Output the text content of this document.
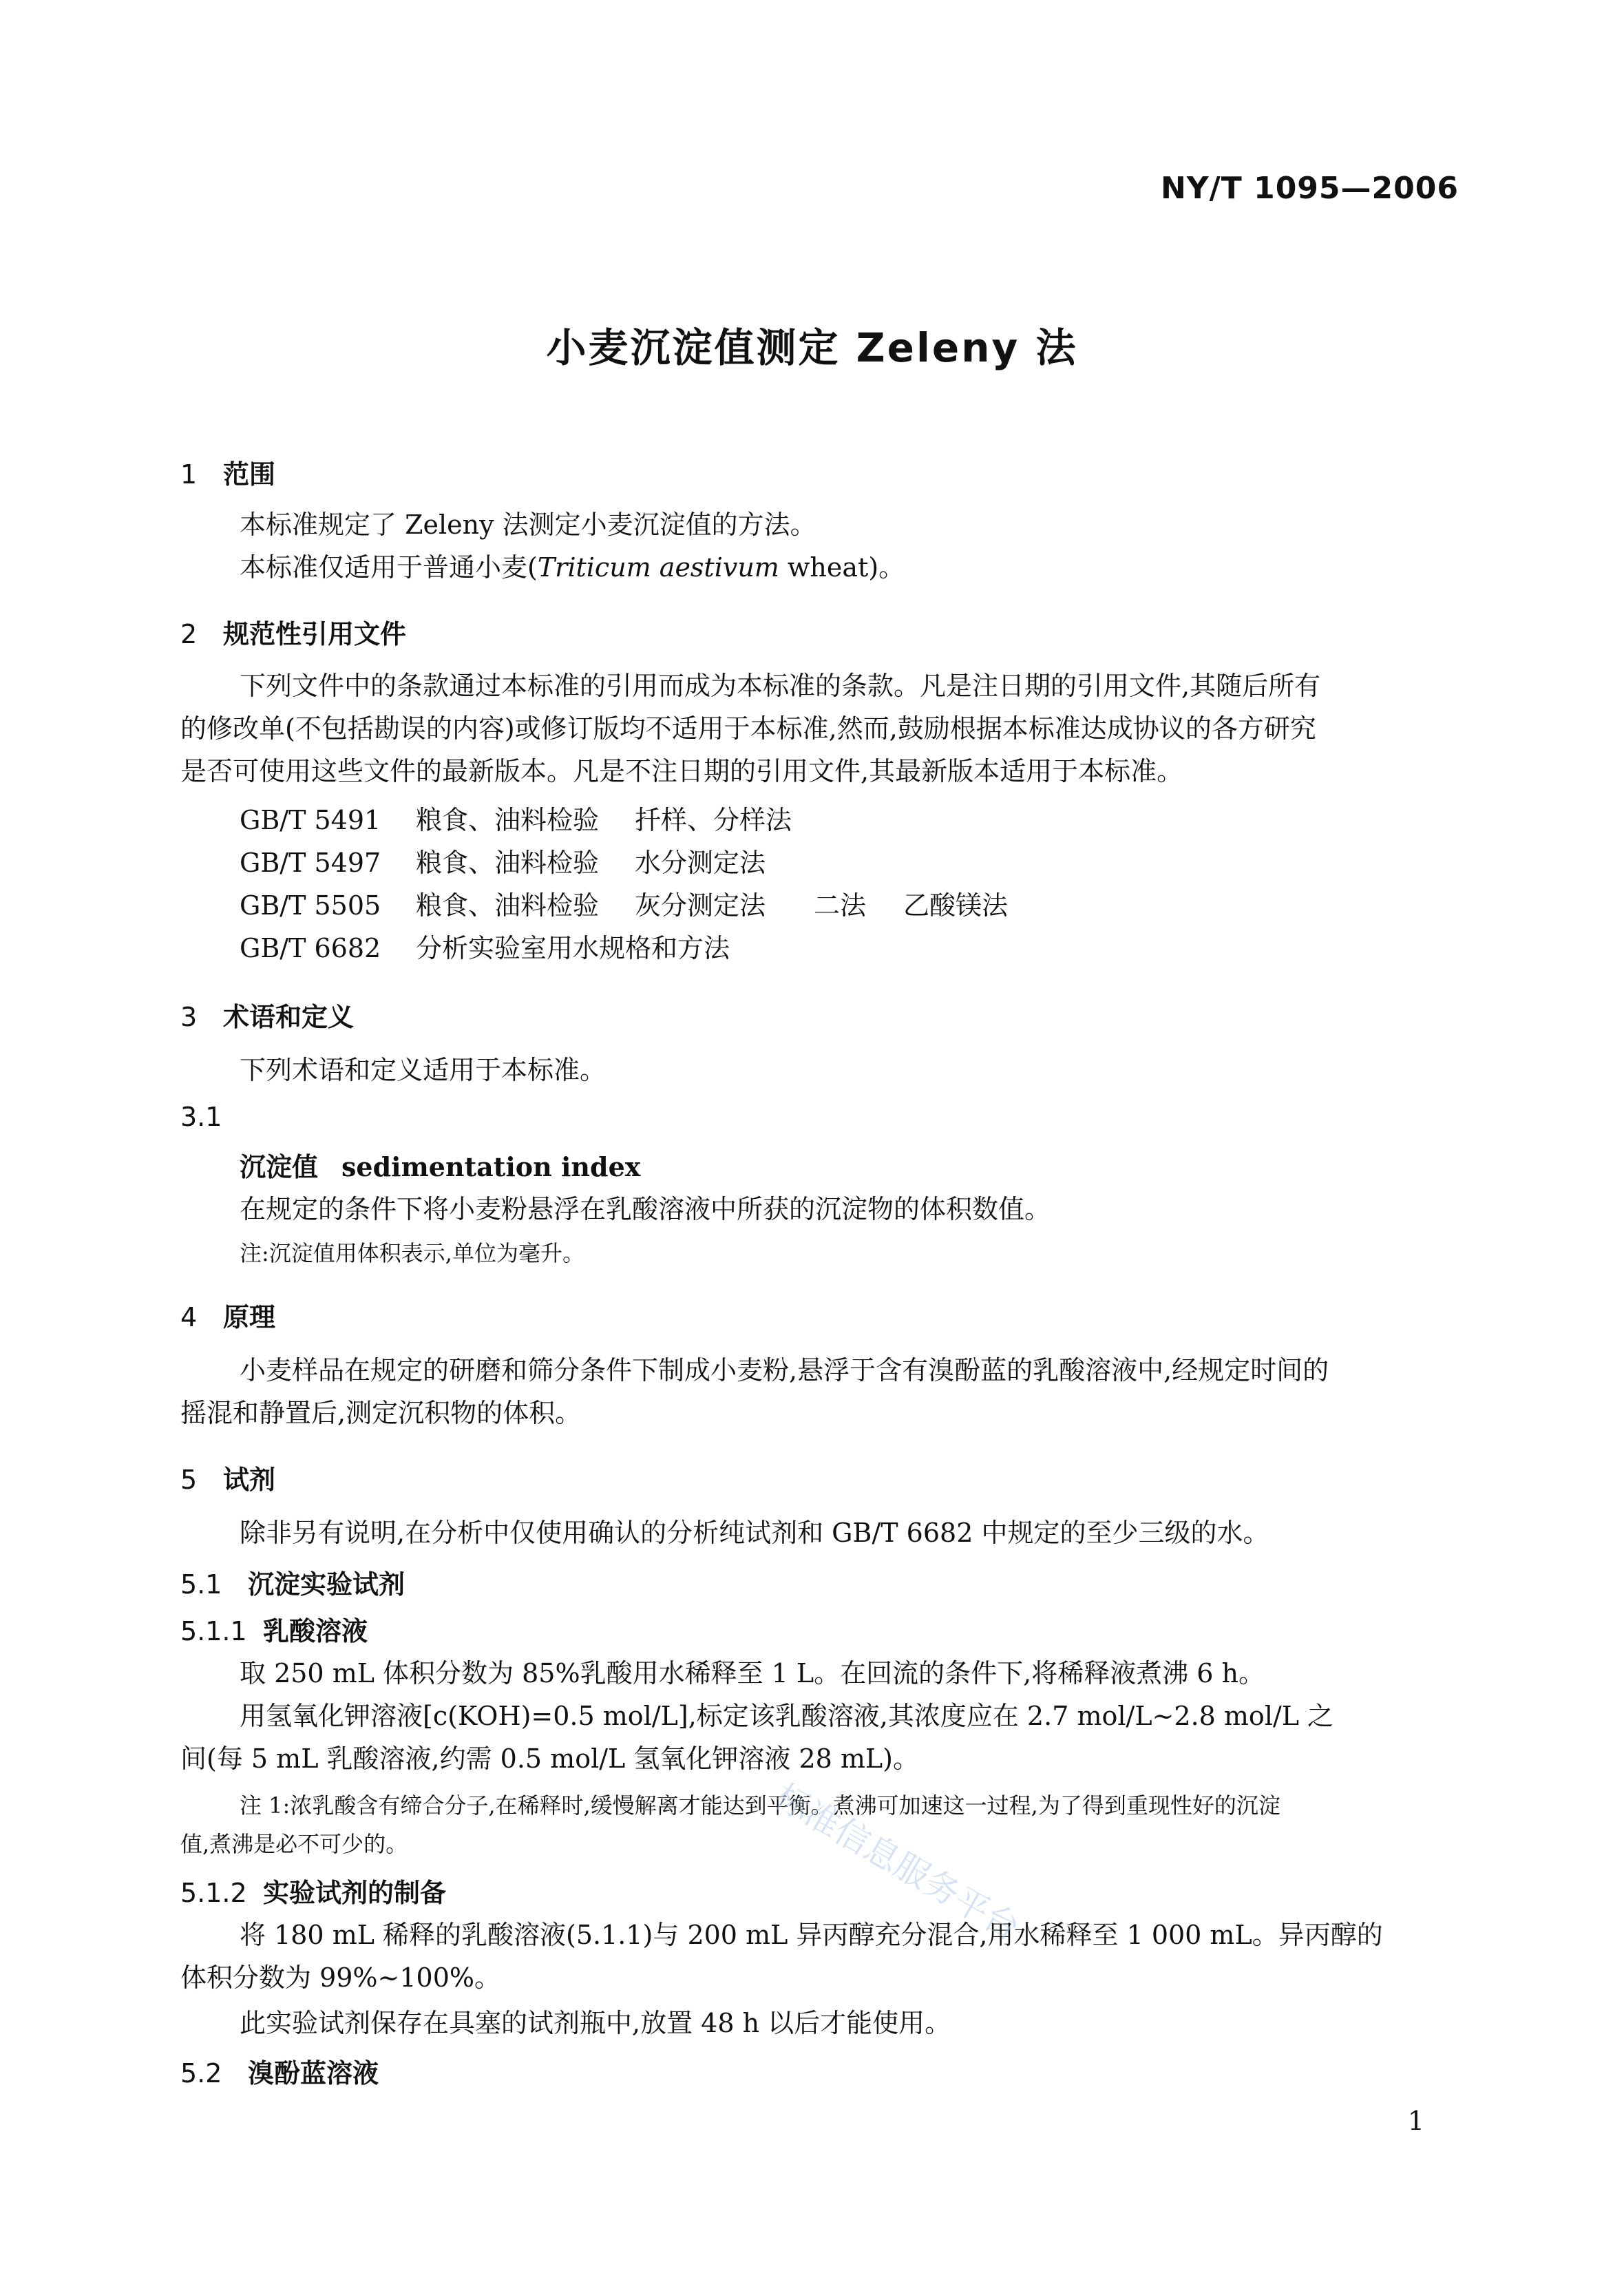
NY/T 1095—2006
小麦沉淀值测定 Zeleny 法
1 范围
本标准规定了 Zeleny 法测定小麦沉淀值的方法。
本标准仅适用于普通小麦(Triticum aestivum wheat)。
2 规范性引用文件
下列文件中的条款通过本标准的引用而成为本标准的条款。凡是注日期的引用文件,其随后所有
的修改单(不包括勘误的内容)或修订版均不适用于本标准,然而,鼓励根据本标准达成协议的各方研究
是否可使用这些文件的最新版本。凡是不注日期的引用文件,其最新版本适用于本标准。
GB/T 5491 粮食、油料检验 扦样、分样法
GB/T 5497 粮食、油料检验 水分测定法
GB/T 5505 粮食、油料检验 灰分测定法 二法 乙酸镁法
GB/T 6682 分析实验室用水规格和方法
3 术语和定义
下列术语和定义适用于本标准。
3.1
沉淀值 sedimentation index
在规定的条件下将小麦粉悬浮在乳酸溶液中所获的沉淀物的体积数值。
注:沉淀值用体积表示,单位为毫升。
4 原理
小麦样品在规定的研磨和筛分条件下制成小麦粉,悬浮于含有溴酚蓝的乳酸溶液中,经规定时间的
摇混和静置后,测定沉积物的体积。
5 试剂
除非另有说明,在分析中仅使用确认的分析纯试剂和 GB/T 6682 中规定的至少三级的水。
5.1 沉淀实验试剂
5.1.1 乳酸溶液
取 250 mL 体积分数为 85%乳酸用水稀释至 1 L。在回流的条件下,将稀释液煮沸 6 h。
用氢氧化钾溶液[c(KOH)=0.5 mol/L],标定该乳酸溶液,其浓度应在 2.7 mol/L~2.8 mol/L 之
间(每 5 mL 乳酸溶液,约需 0.5 mol/L 氢氧化钾溶液 28 mL)。
注 1:浓乳酸含有缔合分子,在稀释时,缓慢解离才能达到平衡。煮沸可加速这一过程,为了得到重现性好的沉淀
值,煮沸是必不可少的。
5.1.2 实验试剂的制备
将 180 mL 稀释的乳酸溶液(5.1.1)与 200 mL 异丙醇充分混合,用水稀释至 1 000 mL。异丙醇的
体积分数为 99%~100%。
此实验试剂保存在具塞的试剂瓶中,放置 48 h 以后才能使用。
5.2 溴酚蓝溶液
标准信息服务平台
1
